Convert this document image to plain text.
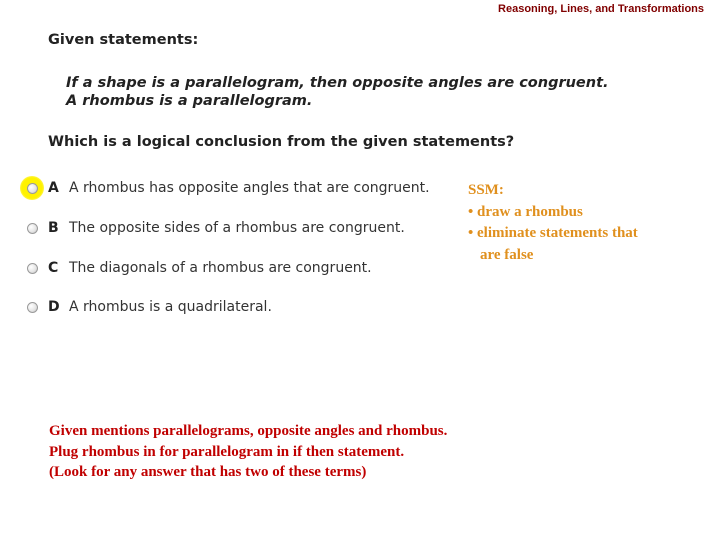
Reasoning, Lines, and Transformations
Given statements:
If a shape is a parallelogram, then opposite angles are congruent.
A rhombus is a parallelogram.
Which is a logical conclusion from the given statements?
A A rhombus has opposite angles that are congruent.
B The opposite sides of a rhombus are congruent.
C The diagonals of a rhombus are congruent.
D A rhombus is a quadrilateral.
SSM:
• draw a rhombus
• eliminate statements that
are false
Given mentions parallelograms, opposite angles and rhombus.
Plug rhombus in for parallelogram in if then statement.
(Look for any answer that has two of these terms)
